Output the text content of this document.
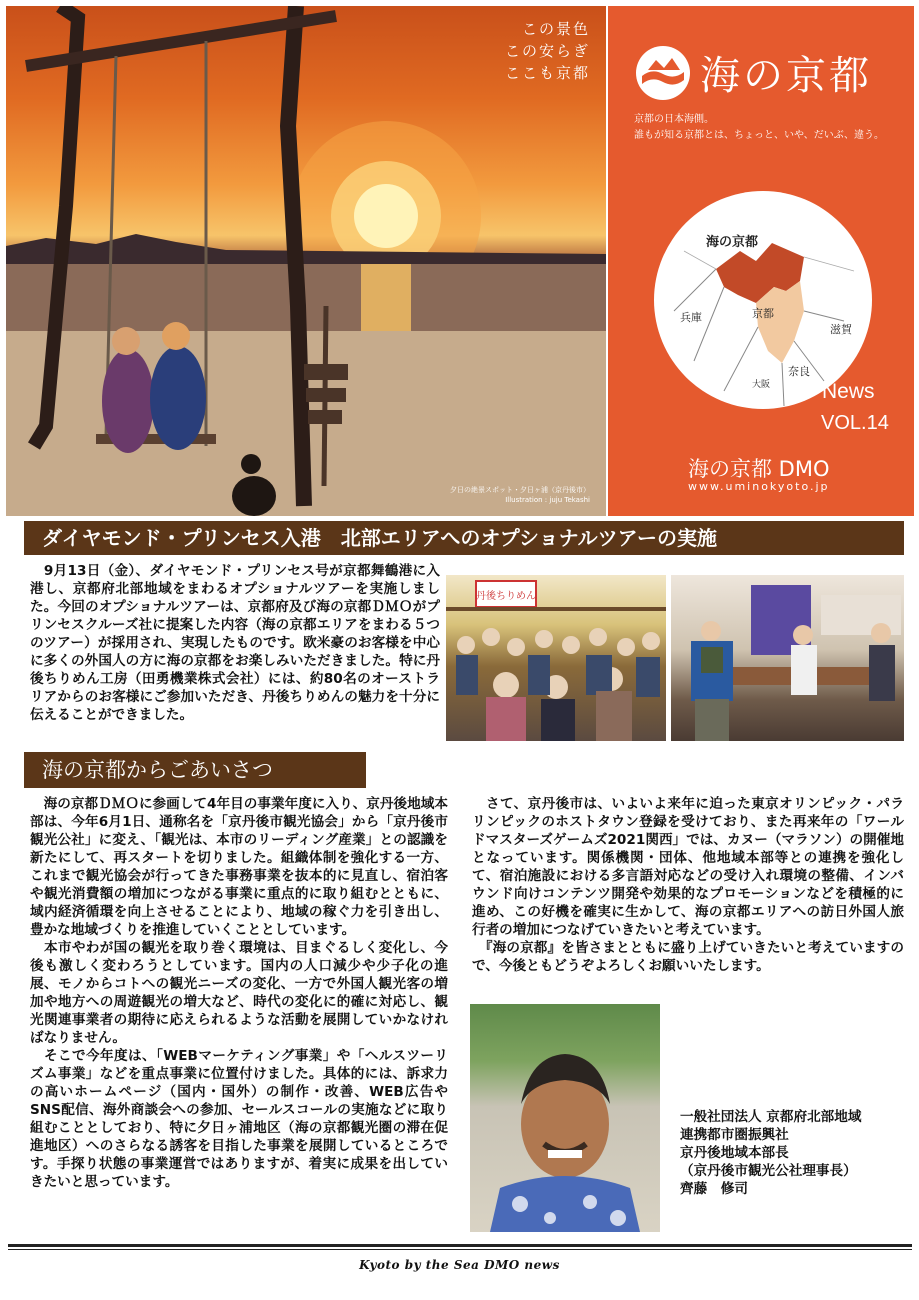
夕日の絶景スポット・夕日ヶ浦（京丹後市）
Illustration : juju Tekashi
この景色
この安らぎ
ここも京都	海の京都
京都の日本海側。
誰もが知る京都とは、ちょっと、いや、だいぶ、違う。
海の京都
兵庫	京都
滋賀
大阪
奈良
News
VOL.14
海の京都 DMO
www.uminokyoto.jp
ダイヤモンド・プリンセス入港　北部エリアへのオプショナルツアーの実施
　9月13日（金）、ダイヤモンド・プリンセス号が京都舞鶴港に入港し、京都府北部地域をまわるオプショナルツアーを実施しました。今回のオプショナルツアーは、京都府及び海の京都ＤＭＯがプリンセスクルーズ社に提案した内容（海の京都エリアをまわる５つのツアー）が採用され、実現したものです。欧米豪のお客様を中心に多くの外国人の方に海の京都をお楽しみいただきました。特に丹後ちりめん工房（田勇機業株式会社）には、約80名のオーストラリアからのお客様にご参加いただき、丹後ちりめんの魅力を十分に伝えることができました。
丹後ちりめん
海の京都からごあいさつ
　海の京都ＤＭＯに参画して4年目の事業年度に入り、京丹後地域本部は、今年6月1日、通称名を「京丹後市観光協会」から「京丹後市観光公社」に変え、「観光は、本市のリーディング産業」との認識を新たにして、再スタートを切りました。組織体制を強化する一方、これまで観光協会が行ってきた事務事業を抜本的に見直し、宿泊客や観光消費額の増加につながる事業に重点的に取り組むとともに、域内経済循環を向上させることにより、地域の稼ぐ力を引き出し、豊かな地域づくりを推進していくこととしています。
　本市やわが国の観光を取り巻く環境は、目まぐるしく変化し、今後も激しく変わろうとしています。国内の人口減少や少子化の進展、モノからコトへの観光ニーズの変化、一方で外国人観光客の増加や地方への周遊観光の増大など、時代の変化に的確に対応し、観光関連事業者の期待に応えられるような活動を展開していかなければなりません。
　そこで今年度は、「WEBマーケティング事業」や「ヘルスツーリズム事業」などを重点事業に位置付けました。具体的には、訴求力の高いホームページ（国内・国外）の制作・改善、WEB広告やSNS配信、海外商談会への参加、セールスコールの実施などに取り組むこととしており、特に夕日ヶ浦地区（海の京都観光圏の滞在促進地区）へのさらなる誘客を目指した事業を展開しているところです。手探り状態の事業運営ではありますが、着実に成果を出していきたいと思っています。
　さて、京丹後市は、いよいよ来年に迫った東京オリンピック・パラリンピックのホストタウン登録を受けており、また再来年の「ワールドマスターズゲームズ2021関西」では、カヌー（マラソン）の開催地となっています。関係機関・団体、他地域本部等との連携を強化して、宿泊施設における多言語対応などの受け入れ環境の整備、インバウンド向けコンテンツ開発や効果的なプロモーションなどを積極的に進め、この好機を確実に生かして、海の京都エリアへの訪日外国人旅行者の増加につなげていきたいと考えています。
　『海の京都』を皆さまとともに盛り上げていきたいと考えていますので、今後ともどうぞよろしくお願いいたします。
一般社団法人 京都府北部地域
連携都市圏振興社
京丹後地域本部長
（京丹後市観光公社理事長）
齊藤　修司
Kyoto by the Sea DMO news
